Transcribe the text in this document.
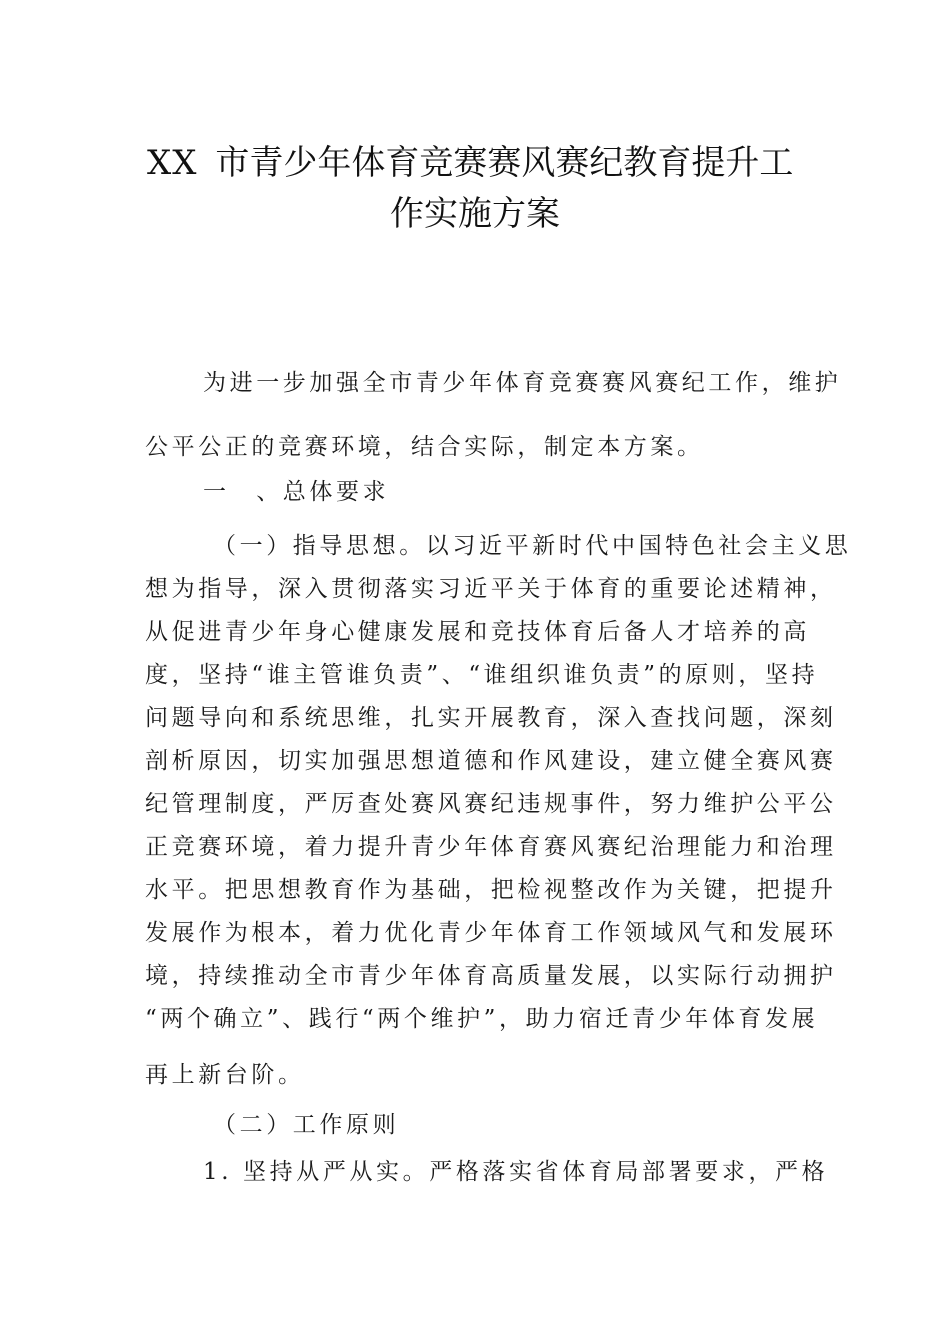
XX 市青少年体育竞赛赛风赛纪教育提升工
作实施方案
为进一步加强全市青少年体育竞赛赛风赛纪工作，维护
公平公正的竞赛环境，结合实际，制定本方案。
一　、总体要求
（一）指导思想。以习近平新时代中国特色社会主义思
想为指导，深入贯彻落实习近平关于体育的重要论述精神，
从促进青少年身心健康发展和竞技体育后备人才培养的高
度，坚持“谁主管谁负责”、“谁组织谁负责”的原则，坚持
问题导向和系统思维，扎实开展教育，深入查找问题，深刻
剖析原因，切实加强思想道德和作风建设，建立健全赛风赛
纪管理制度，严厉查处赛风赛纪违规事件，努力维护公平公
正竞赛环境，着力提升青少年体育赛风赛纪治理能力和治理
水平。把思想教育作为基础，把检视整改作为关键，把提升
发展作为根本，着力优化青少年体育工作领域风气和发展环
境，持续推动全市青少年体育高质量发展，以实际行动拥护
“两个确立”、践行“两个维护”，助力宿迁青少年体育发展
再上新台阶。
（二）工作原则
1. 坚持从严从实。严格落实省体育局部署要求，严格
